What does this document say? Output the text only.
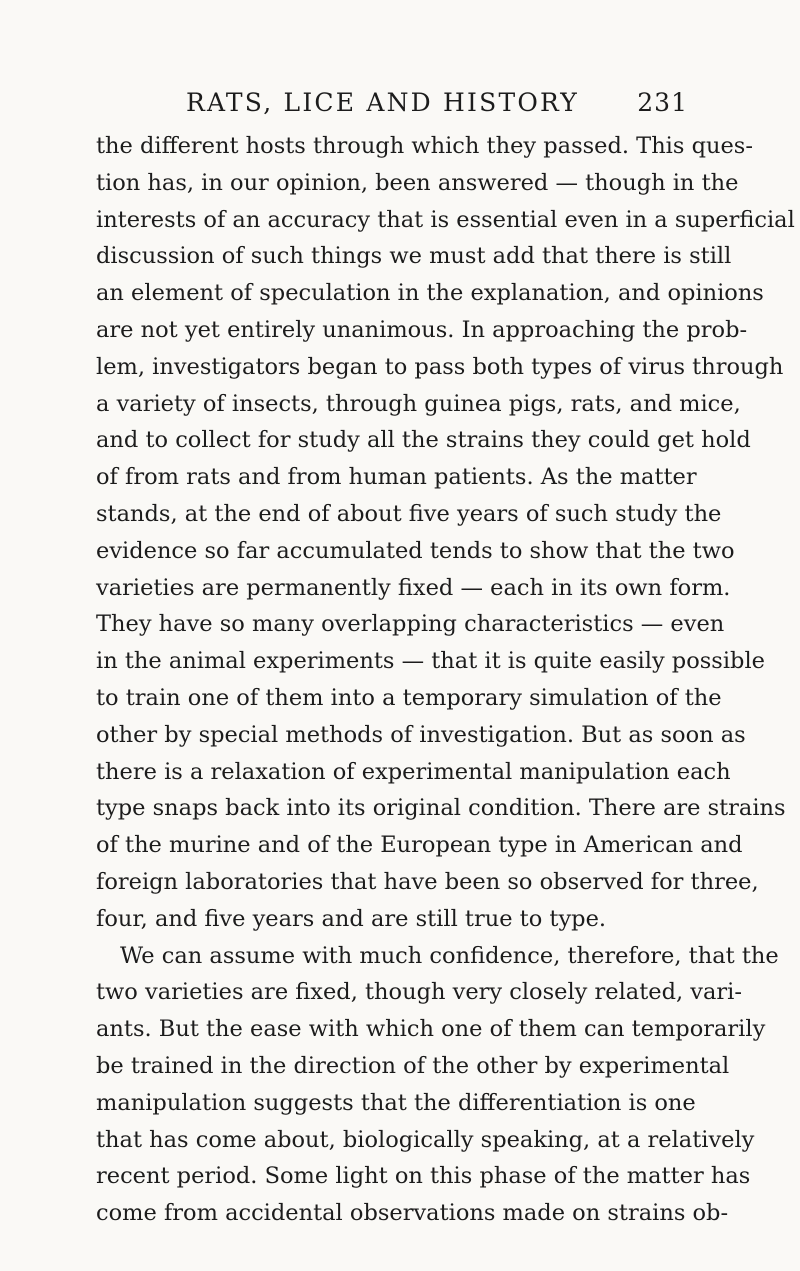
RATS, LICE AND HISTORY 231
the different hosts through which they passed. This ques-
tion has, in our opinion, been answered — though in the
interests of an accuracy that is essential even in a superficial
discussion of such things we must add that there is still
an element of speculation in the explanation, and opinions
are not yet entirely unanimous. In approaching the prob-
lem, investigators began to pass both types of virus through
a variety of insects, through guinea pigs, rats, and mice,
and to collect for study all the strains they could get hold
of from rats and from human patients. As the matter
stands, at the end of about five years of such study the
evidence so far accumulated tends to show that the two
varieties are permanently fixed — each in its own form.
They have so many overlapping characteristics — even
in the animal experiments — that it is quite easily possible
to train one of them into a temporary simulation of the
other by special methods of investigation. But as soon as
there is a relaxation of experimental manipulation each
type snaps back into its original condition. There are strains
of the murine and of the European type in American and
foreign laboratories that have been so observed for three,
four, and five years and are still true to type.
We can assume with much confidence, therefore, that the
two varieties are fixed, though very closely related, vari-
ants. But the ease with which one of them can temporarily
be trained in the direction of the other by experimental
manipulation suggests that the differentiation is one
that has come about, biologically speaking, at a relatively
recent period. Some light on this phase of the matter has
come from accidental observations made on strains ob-
